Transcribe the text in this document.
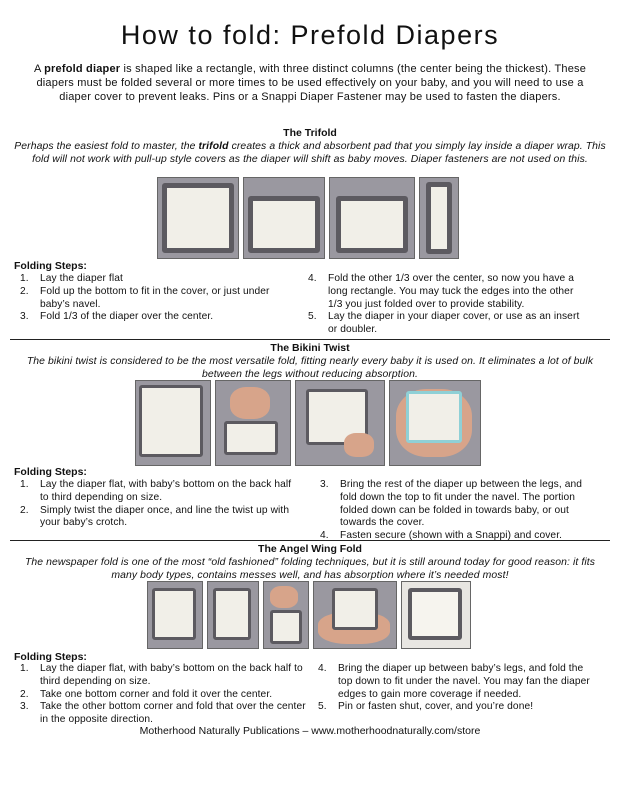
How to fold: Prefold Diapers
A prefold diaper is shaped like a rectangle, with three distinct columns (the center being the thickest). These diapers must be folded several or more times to be used effectively on your baby, and you will need to use a diaper cover to prevent leaks. Pins or a Snappi Diaper Fastener may be used to fasten the diapers.
The Trifold
Perhaps the easiest fold to master, the trifold creates a thick and absorbent pad that you simply lay inside a diaper wrap. This fold will not work with pull-up style covers as the diaper will shift as baby moves. Diaper fasteners are not used on this.
Folding Steps:
1. Lay the diaper flat
2. Fold up the bottom to fit in the cover, or just under baby’s navel.
3. Fold 1/3 of the diaper over the center.
4. Fold the other 1/3 over the center, so now you have a long rectangle. You may tuck the edges into the other 1/3 you just folded over to provide stability.
5. Lay the diaper in your diaper cover, or use as an insert or doubler.
The Bikini Twist
The bikini twist is considered to be the most versatile fold, fitting nearly every baby it is used on. It eliminates a lot of bulk between the legs without reducing absorption.
Folding Steps:
1. Lay the diaper flat, with baby’s bottom on the back half to third depending on size.
2. Simply twist the diaper once, and line the twist up with your baby’s crotch.
3. Bring the rest of the diaper up between the legs, and fold down the top to fit under the navel. The portion folded down can be folded in towards baby, or out towards the cover.
4. Fasten secure (shown with a Snappi) and cover.
The Angel Wing Fold
The newspaper fold is one of the most “old fashioned” folding techniques, but it is still around today for good reason: it fits many body types, contains messes well, and has absorption where it’s needed most!
Folding Steps:
1. Lay the diaper flat, with baby’s bottom on the back half to third depending on size.
2. Take one bottom corner and fold it over the center.
3. Take the other bottom corner and fold that over the center in the opposite direction.
4. Bring the diaper up between baby’s legs, and fold the top down to fit under the navel. You may fan the diaper edges to gain more coverage if needed.
5. Pin or fasten shut, cover, and you’re done!
Motherhood Naturally Publications – www.motherhoodnaturally.com/store
